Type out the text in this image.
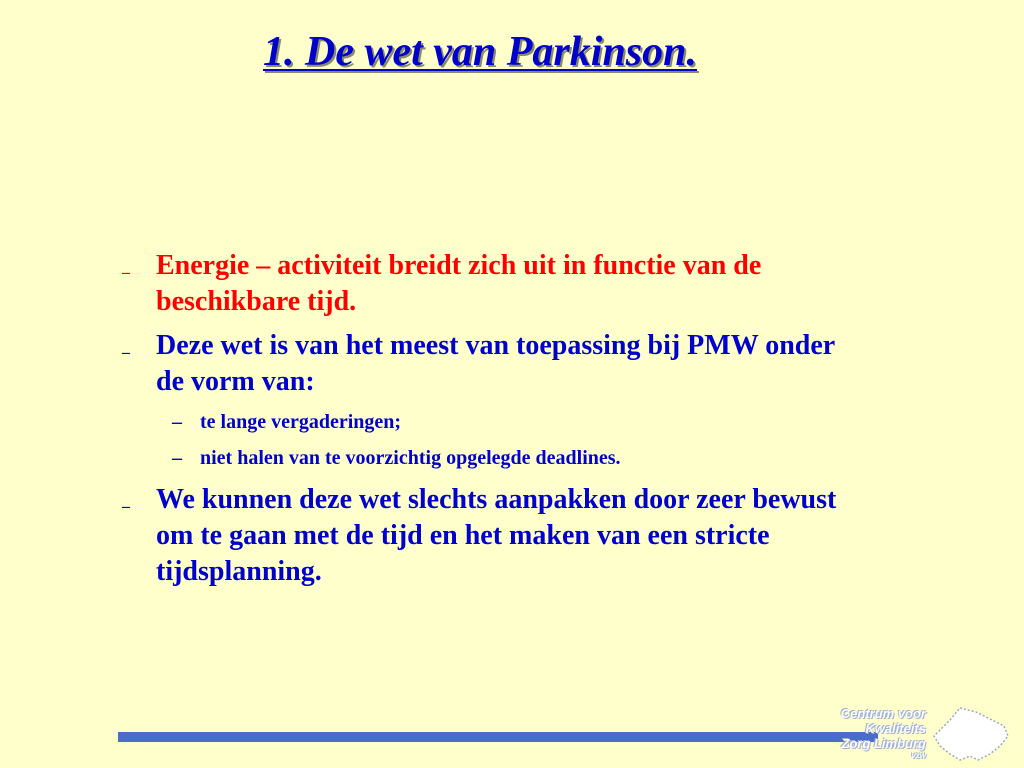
1. De wet van Parkinson.
_ Energie – activiteit breidt zich uit in functie van de beschikbare tijd.
_ Deze wet is van het meest van toepassing bij PMW onder de vorm van:
– te lange vergaderingen;
– niet halen van te voorzichtig opgelegde deadlines.
_ We kunnen deze wet slechts aanpakken door zeer bewust om te gaan met de tijd en het maken van een stricte tijdsplanning.
Centrum voor
Kwaliteits
Zorg Limburg
vzw
